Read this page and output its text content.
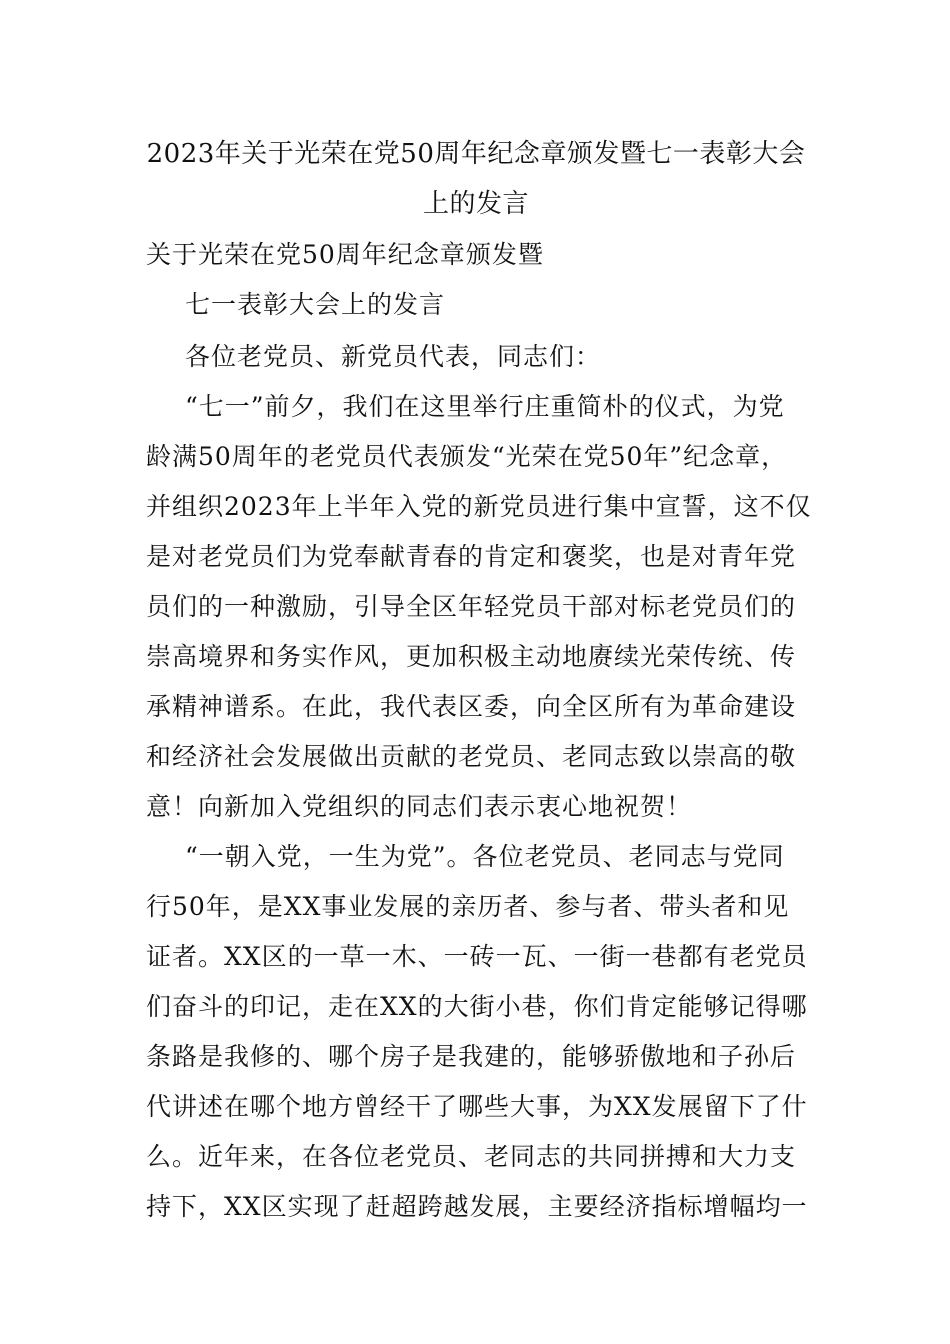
2023年关于光荣在党50周年纪念章颁发暨七一表彰大会
上的发言
关于光荣在党50周年纪念章颁发暨
七一表彰大会上的发言
各位老党员、新党员代表，同志们：
“七一”前夕，我们在这里举行庄重简朴的仪式，为党
龄满50周年的老党员代表颁发“光荣在党50年”纪念章，
并组织2023年上半年入党的新党员进行集中宣誓，这不仅
是对老党员们为党奉献青春的肯定和褒奖，也是对青年党
员们的一种激励，引导全区年轻党员干部对标老党员们的
崇高境界和务实作风，更加积极主动地赓续光荣传统、传
承精神谱系。在此，我代表区委，向全区所有为革命建设
和经济社会发展做出贡献的老党员、老同志致以崇高的敬
意！向新加入党组织的同志们表示衷心地祝贺！
“一朝入党，一生为党”。各位老党员、老同志与党同
行50年，是XX事业发展的亲历者、参与者、带头者和见
证者。XX区的一草一木、一砖一瓦、一街一巷都有老党员
们奋斗的印记，走在XX的大街小巷，你们肯定能够记得哪
条路是我修的、哪个房子是我建的，能够骄傲地和子孙后
代讲述在哪个地方曾经干了哪些大事，为XX发展留下了什
么。近年来，在各位老党员、老同志的共同拼搏和大力支
持下，XX区实现了赶超跨越发展，主要经济指标增幅均一
